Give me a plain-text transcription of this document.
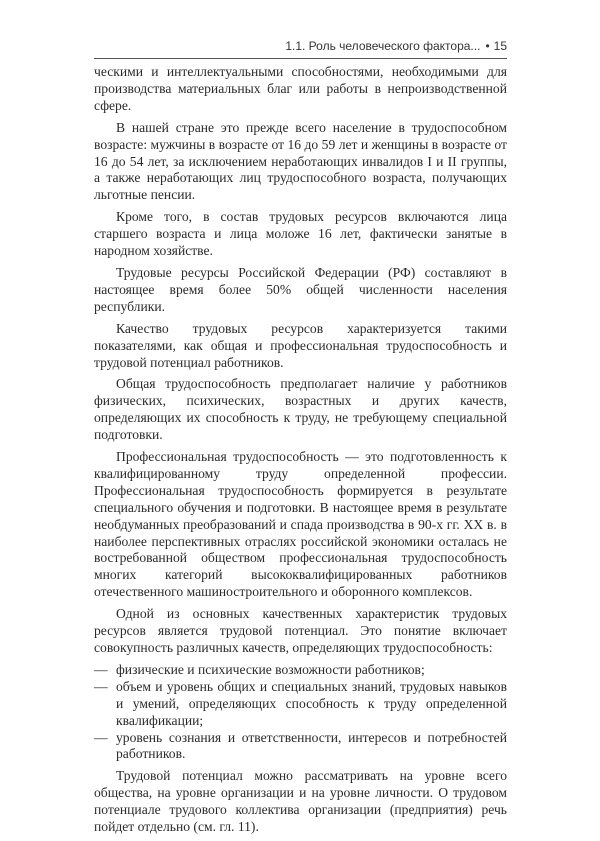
1.1. Роль человеческого фактора... • 15

ческими и интеллектуальными способностями, необходимыми для производства материальных благ или работы в непроизводственной сфере.

В нашей стране это прежде всего население в трудоспособном возрасте: мужчины в возрасте от 16 до 59 лет и женщины в возрасте от 16 до 54 лет, за исключением неработающих инвалидов I и II группы, а также неработающих лиц трудоспособного возраста, получающих льготные пенсии.

Кроме того, в состав трудовых ресурсов включаются лица старшего возраста и лица моложе 16 лет, фактически занятые в народном хозяйстве.

Трудовые ресурсы Российской Федерации (РФ) составляют в настоящее время более 50% общей численности населения республики.

Качество трудовых ресурсов характеризуется такими показателями, как общая и профессиональная трудоспособность и трудовой потенциал работников.

Общая трудоспособность предполагает наличие у работников физических, психических, возрастных и других качеств, определяющих их способность к труду, не требующему специальной подготовки.

Профессиональная трудоспособность — это подготовленность к квалифицированному труду определенной профессии. Профессиональная трудоспособность формируется в результате специального обучения и подготовки. В настоящее время в результате необдуманных преобразований и спада производства в 90-х гг. XX в. в наиболее перспективных отраслях российской экономики осталась не востребованной обществом профессиональная трудоспособность многих категорий высококвалифицированных работников отечественного машиностроительного и оборонного комплексов.

Одной из основных качественных характеристик трудовых ресурсов является трудовой потенциал. Это понятие включает совокупность различных качеств, определяющих трудоспособность:

— физические и психические возможности работников;
— объем и уровень общих и специальных знаний, трудовых навыков и умений, определяющих способность к труду определенной квалификации;
— уровень сознания и ответственности, интересов и потребностей работников.

Трудовой потенциал можно рассматривать на уровне всего общества, на уровне организации и на уровне личности. О трудовом потенциале трудового коллектива организации (предприятия) речь пойдет отдельно (см. гл. 11).
